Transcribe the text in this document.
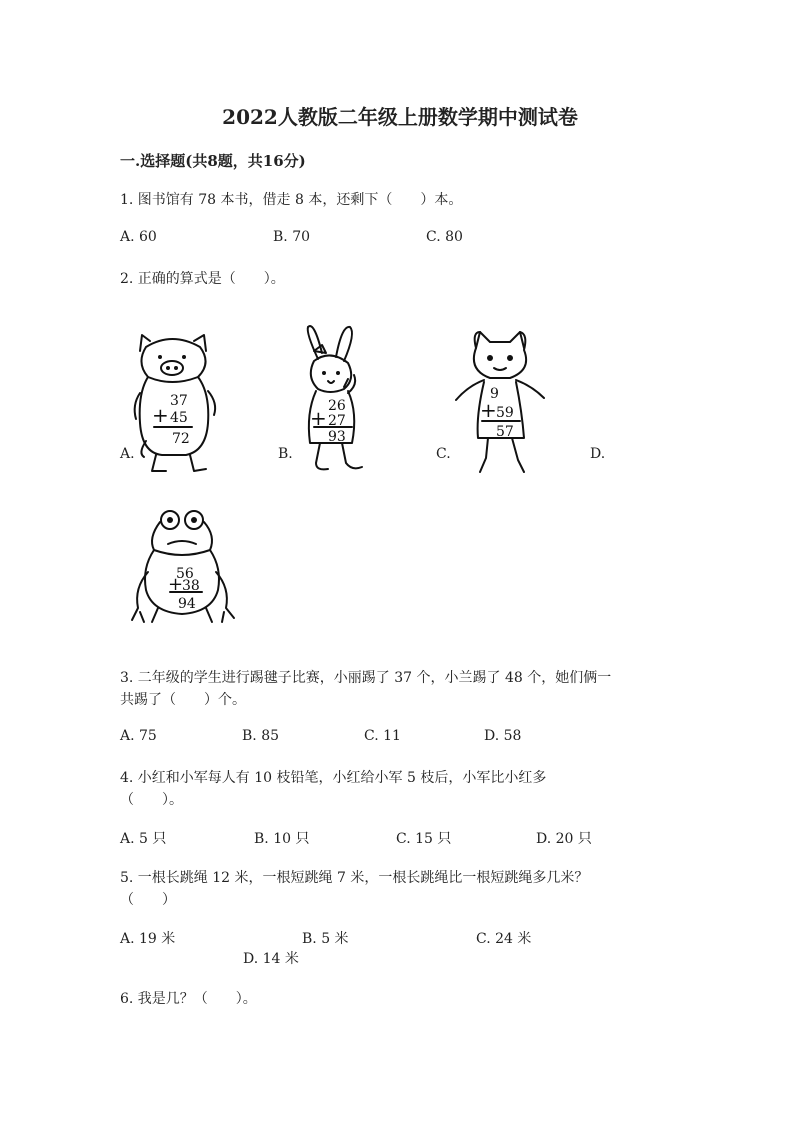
2022人教版二年级上册数学期中测试卷
一.选择题(共8题，共16分)
1. 图书馆有 78 本书，借走 8 本，还剩下（　　）本。
A. 60	B. 70	C. 80
2. 正确的算式是（　　）。
A.	B.	C.	D.
37
+ 45
72
26
+ 27
93
9
+ 59
57
56
+
38
94
3. 二年级的学生进行踢毽子比赛，小丽踢了 37 个，小兰踢了 48 个，她们俩一
共踢了（　　）个。
A. 75	B. 85	C. 11	D. 58
4. 小红和小军每人有 10 枝铅笔，小红给小军 5 枝后，小军比小红多
（　　）。
A. 5 只	B. 10 只	C. 15 只	D. 20 只
5. 一根长跳绳 12 米，一根短跳绳 7 米，一根长跳绳比一根短跳绳多几米？
（　　）
A. 19 米	B. 5 米	C. 24 米
D. 14 米
6. 我是几？（　　）。
